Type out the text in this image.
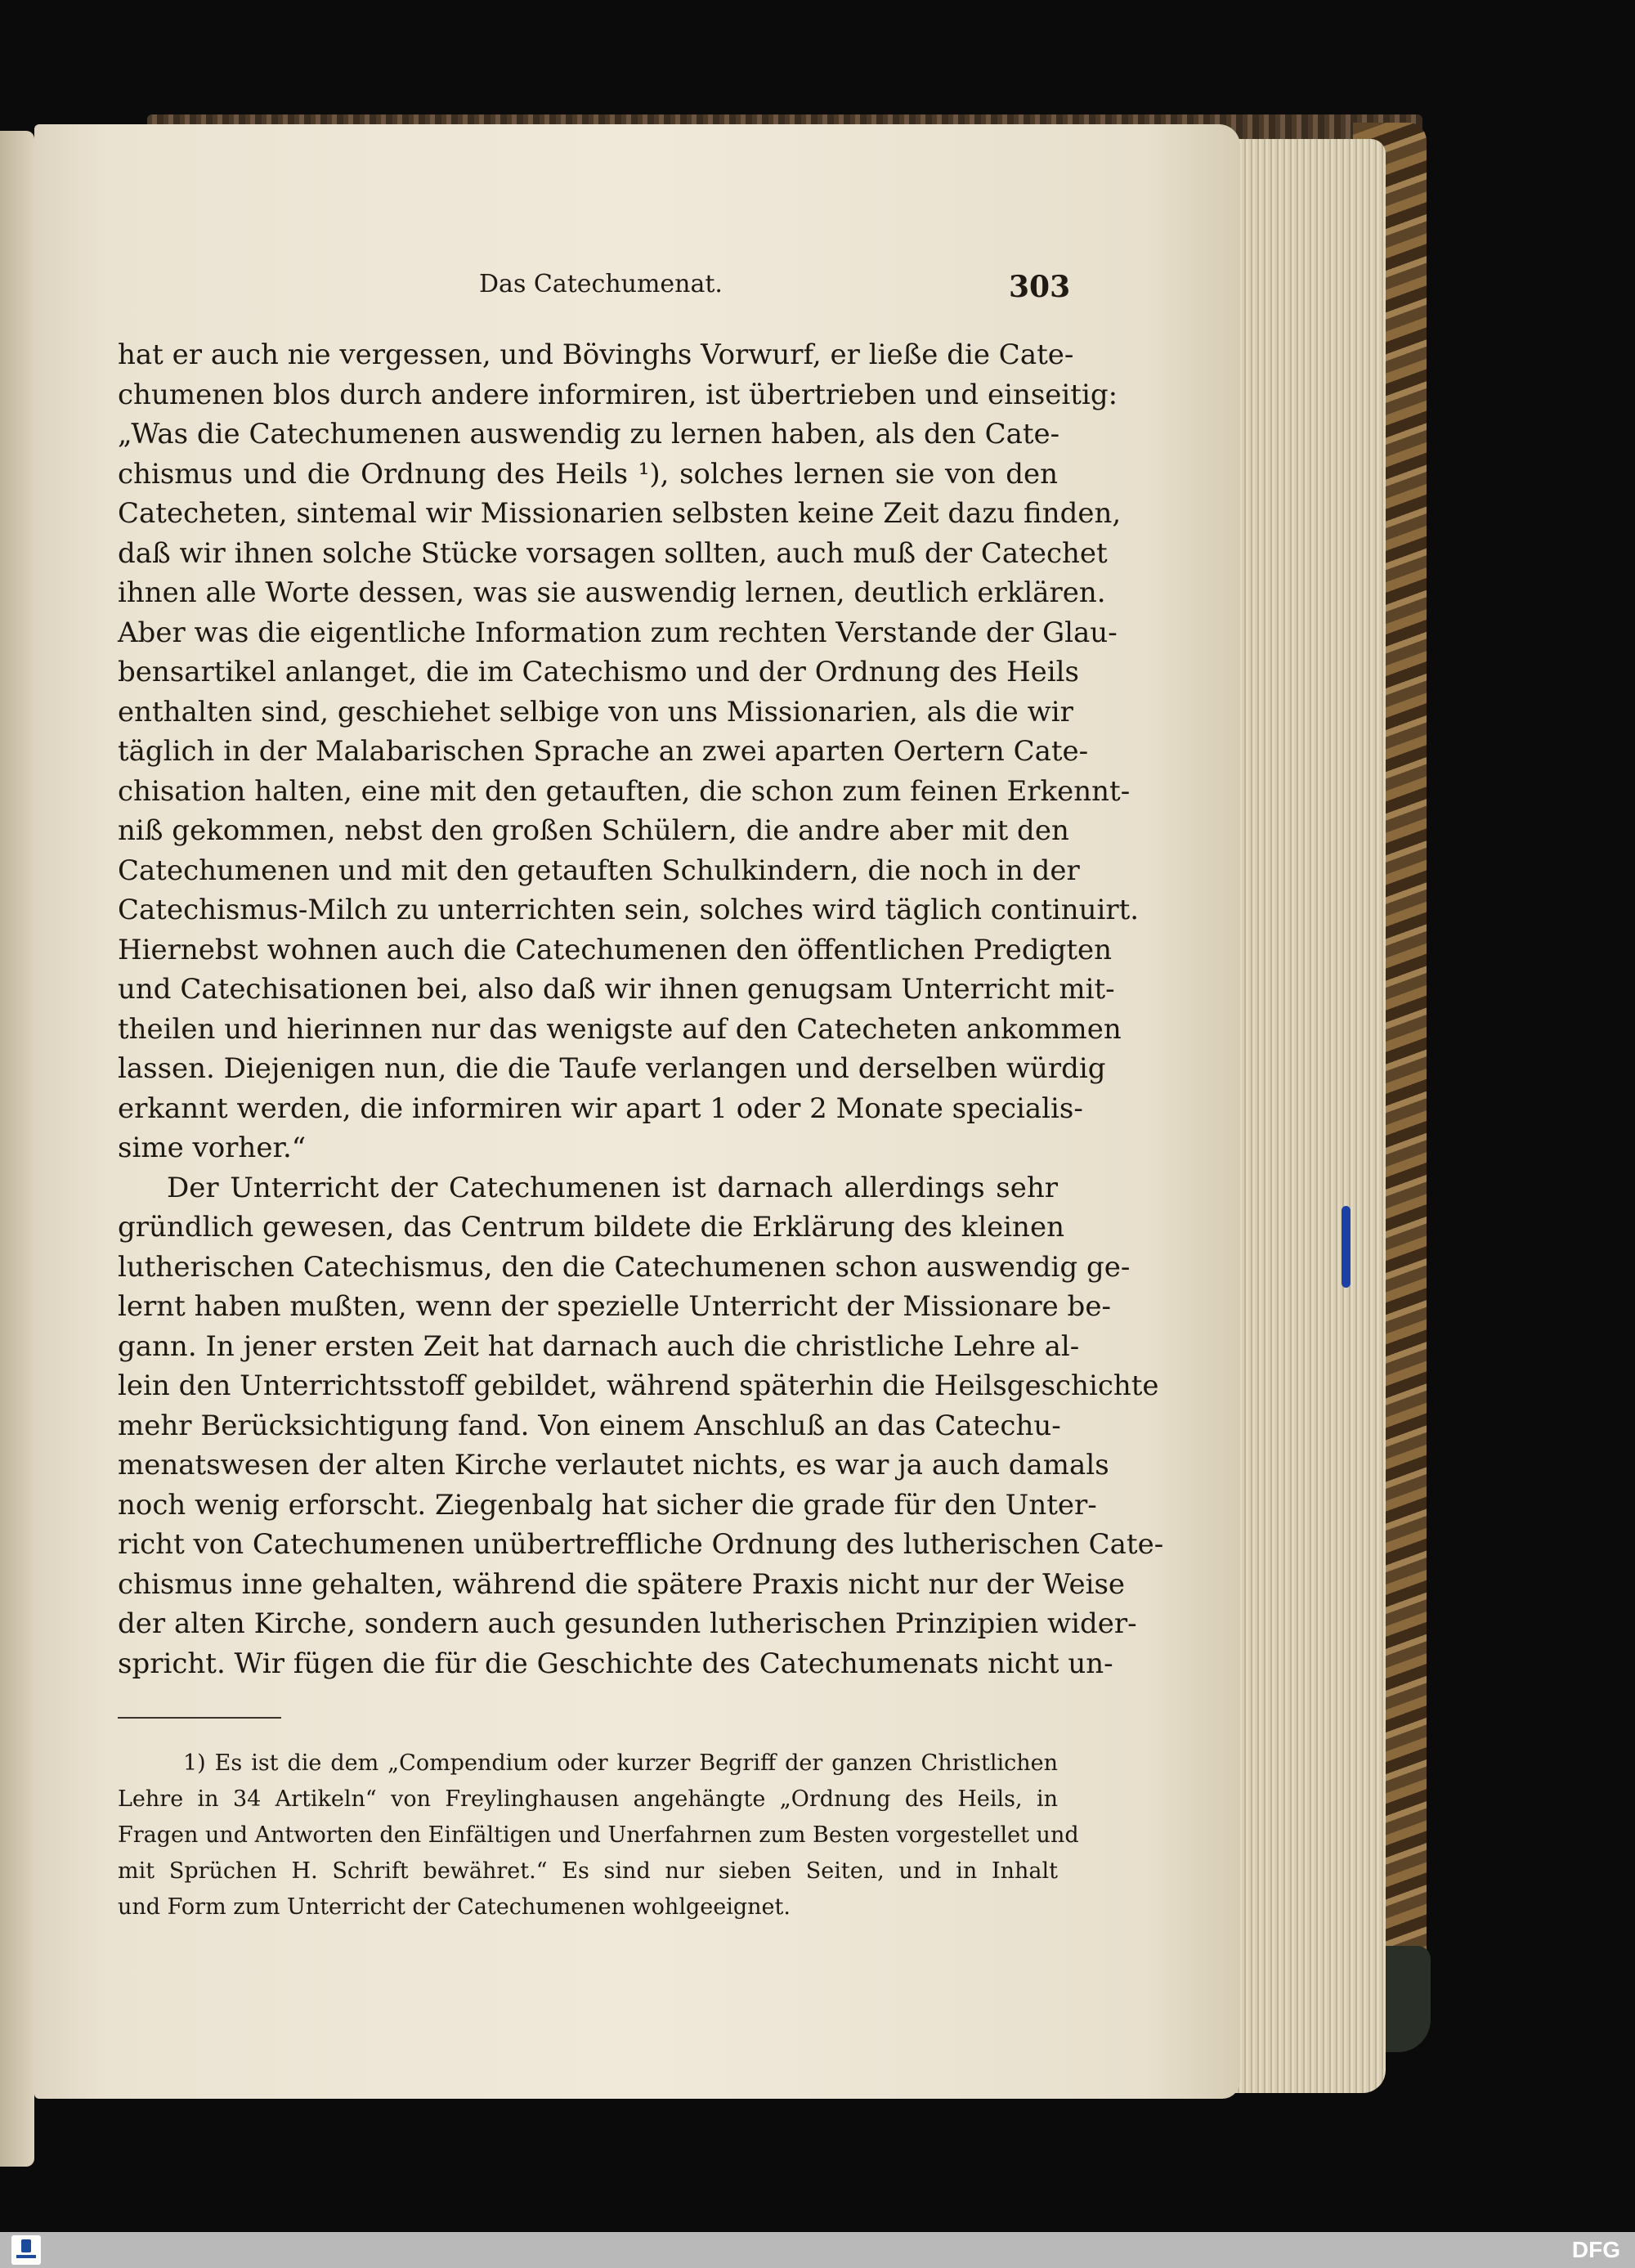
Das Catechumenat.	303
hat er auch nie vergessen, und Bövinghs Vorwurf, er ließe die Cate-
chumenen blos durch andere informiren, ist übertrieben und einseitig:
„Was die Catechumenen auswendig zu lernen haben, als den Cate-
chismus und die Ordnung des Heils ¹), solches lernen sie von den
Catecheten, sintemal wir Missionarien selbsten keine Zeit dazu finden,
daß wir ihnen solche Stücke vorsagen sollten, auch muß der Catechet
ihnen alle Worte dessen, was sie auswendig lernen, deutlich erklären.
Aber was die eigentliche Information zum rechten Verstande der Glau-
bensartikel anlanget, die im Catechismo und der Ordnung des Heils
enthalten sind, geschiehet selbige von uns Missionarien, als die wir
täglich in der Malabarischen Sprache an zwei aparten Oertern Cate-
chisation halten, eine mit den getauften, die schon zum feinen Erkennt-
niß gekommen, nebst den großen Schülern, die andre aber mit den
Catechumenen und mit den getauften Schulkindern, die noch in der
Catechismus-Milch zu unterrichten sein, solches wird täglich continuirt.
Hiernebst wohnen auch die Catechumenen den öffentlichen Predigten
und Catechisationen bei, also daß wir ihnen genugsam Unterricht mit-
theilen und hierinnen nur das wenigste auf den Catecheten ankommen
lassen. Diejenigen nun, die die Taufe verlangen und derselben würdig
erkannt werden, die informiren wir apart 1 oder 2 Monate specialis-
sime vorher.“
Der Unterricht der Catechumenen ist darnach allerdings sehr
gründlich gewesen, das Centrum bildete die Erklärung des kleinen
lutherischen Catechismus, den die Catechumenen schon auswendig ge-
lernt haben mußten, wenn der spezielle Unterricht der Missionare be-
gann. In jener ersten Zeit hat darnach auch die christliche Lehre al-
lein den Unterrichtsstoff gebildet, während späterhin die Heilsgeschichte
mehr Berücksichtigung fand. Von einem Anschluß an das Catechu-
menatswesen der alten Kirche verlautet nichts, es war ja auch damals
noch wenig erforscht. Ziegenbalg hat sicher die grade für den Unter-
richt von Catechumenen unübertreffliche Ordnung des lutherischen Cate-
chismus inne gehalten, während die spätere Praxis nicht nur der Weise
der alten Kirche, sondern auch gesunden lutherischen Prinzipien wider-
spricht. Wir fügen die für die Geschichte des Catechumenats nicht un-
1) Es ist die dem „Compendium oder kurzer Begriff der ganzen Christlichen
Lehre in 34 Artikeln“ von Freylinghausen angehängte „Ordnung des Heils, in
Fragen und Antworten den Einfältigen und Unerfahrnen zum Besten vorgestellet und
mit Sprüchen H. Schrift bewähret.“ Es sind nur sieben Seiten, und in Inhalt
und Form zum Unterricht der Catechumenen wohlgeeignet.
DFG
